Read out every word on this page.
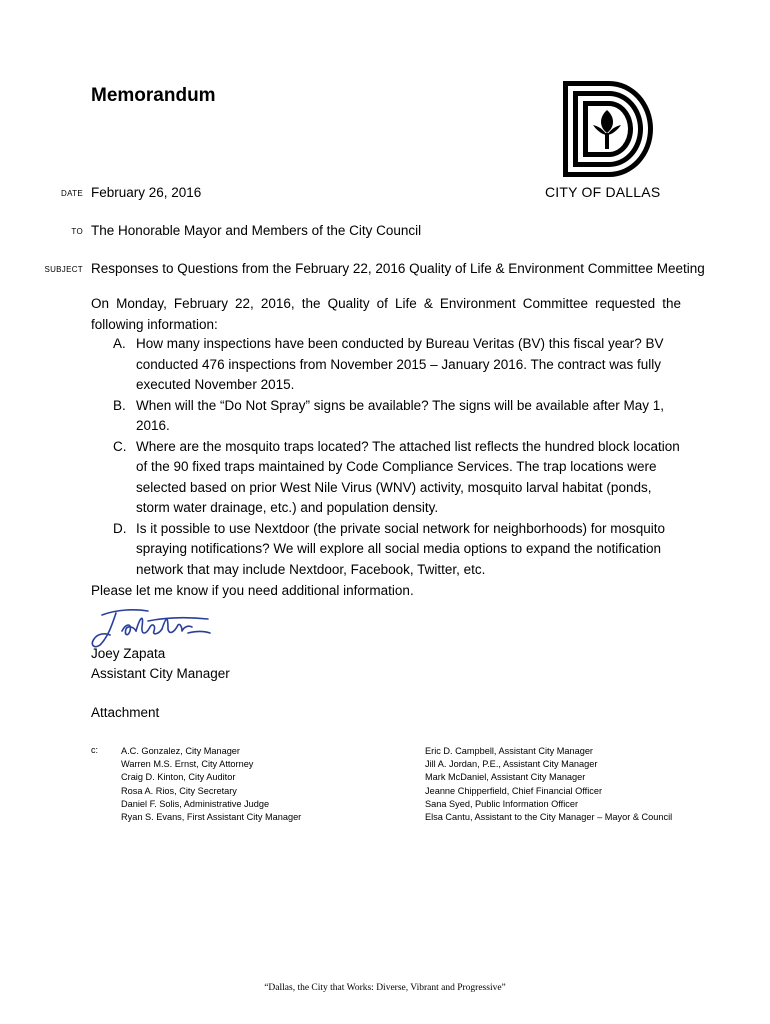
Memorandum
CITY OF DALLAS
DATE February 26, 2016
TO The Honorable Mayor and Members of the City Council
SUBJECT Responses to Questions from the February 22, 2016 Quality of Life & Environment Committee Meeting

On Monday, February 22, 2016, the Quality of Life & Environment Committee requested the following information:

A. How many inspections have been conducted by Bureau Veritas (BV) this fiscal year? BV conducted 476 inspections from November 2015 – January 2016. The contract was fully executed November 2015.
B. When will the “Do Not Spray” signs be available? The signs will be available after May 1, 2016.
C. Where are the mosquito traps located? The attached list reflects the hundred block location of the 90 fixed traps maintained by Code Compliance Services. The trap locations were selected based on prior West Nile Virus (WNV) activity, mosquito larval habitat (ponds, storm water drainage, etc.) and population density.
D. Is it possible to use Nextdoor (the private social network for neighborhoods) for mosquito spraying notifications? We will explore all social media options to expand the notification network that may include Nextdoor, Facebook, Twitter, etc.

Please let me know if you need additional information.

Joey Zapata
Assistant City Manager
Attachment
c: A.C. Gonzalez, City Manager
Warren M.S. Ernst, City Attorney
Craig D. Kinton, City Auditor
Rosa A. Rios, City Secretary
Daniel F. Solis, Administrative Judge
Ryan S. Evans, First Assistant City Manager
Eric D. Campbell, Assistant City Manager
Jill A. Jordan, P.E., Assistant City Manager
Mark McDaniel, Assistant City Manager
Jeanne Chipperfield, Chief Financial Officer
Sana Syed, Public Information Officer
Elsa Cantu, Assistant to the City Manager – Mayor & Council
“Dallas, the City that Works: Diverse, Vibrant and Progressive”
